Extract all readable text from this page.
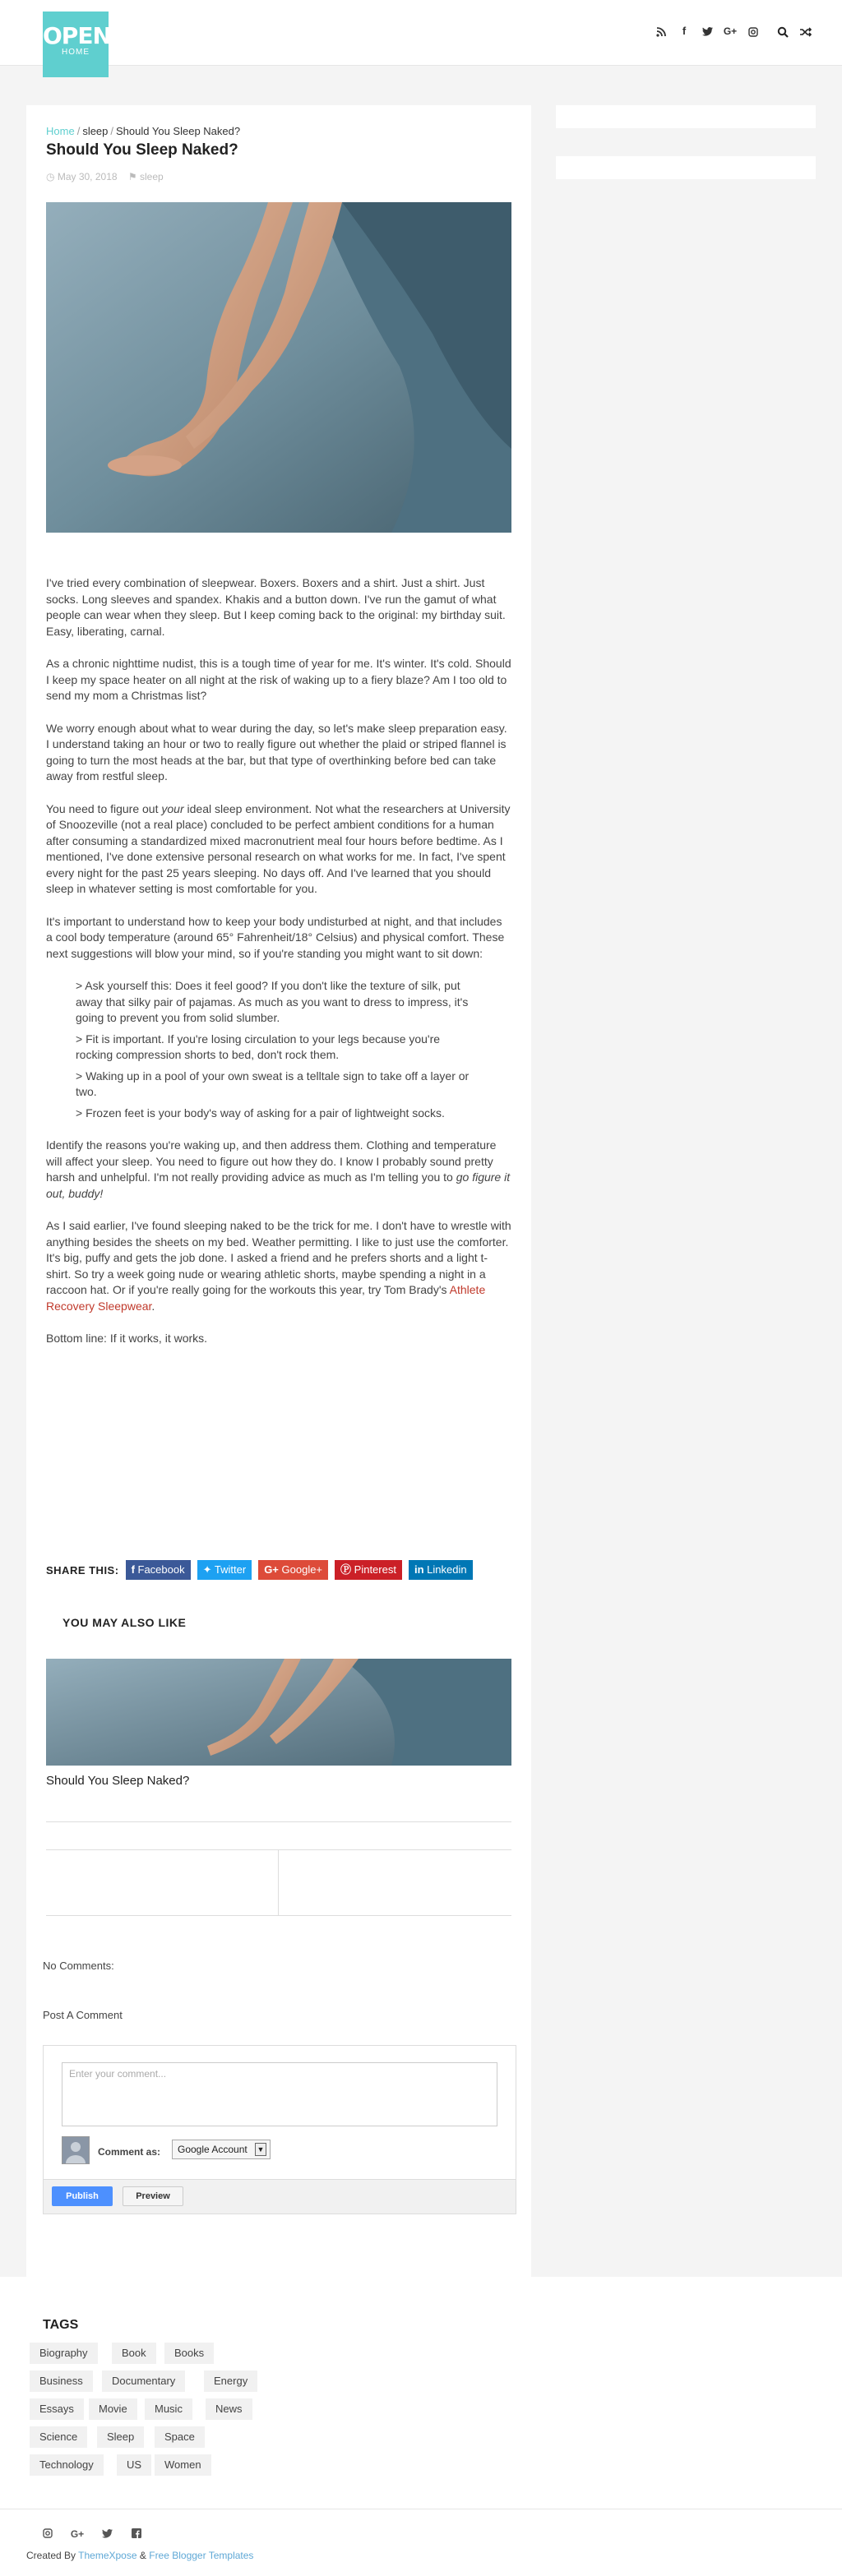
OPEN
HOME
f	G+
Home / sleep / Should You Sleep Naked?
Should You Sleep Naked?
◷ May 30, 2018 ⚑ sleep

I've tried every combination of sleepwear. Boxers. Boxers and a shirt. Just a shirt. Just socks. Long sleeves and spandex. Khakis and a button down. I've run the gamut of what people can wear when they sleep. But I keep coming back to the original: my birthday suit. Easy, liberating, carnal.

As a chronic nighttime nudist, this is a tough time of year for me. It's winter. It's cold. Should I keep my space heater on all night at the risk of waking up to a fiery blaze? Am I too old to send my mom a Christmas list?

We worry enough about what to wear during the day, so let's make sleep preparation easy. I understand taking an hour or two to really figure out whether the plaid or striped flannel is going to turn the most heads at the bar, but that type of overthinking before bed can take away from restful sleep.

You need to figure out your ideal sleep environment. Not what the researchers at University of Snoozeville (not a real place) concluded to be perfect ambient conditions for a human after consuming a standardized mixed macronutrient meal four hours before bedtime. As I mentioned, I've done extensive personal research on what works for me. In fact, I've spent every night for the past 25 years sleeping. No days off. And I've learned that you should sleep in whatever setting is most comfortable for you.

It's important to understand how to keep your body undisturbed at night, and that includes a cool body temperature (around 65° Fahrenheit/18° Celsius) and physical comfort. These next suggestions will blow your mind, so if you're standing you might want to sit down:

> Ask yourself this: Does it feel good? If you don't like the texture of silk, put away that silky pair of pajamas. As much as you want to dress to impress, it's going to prevent you from solid slumber.
> Fit is important. If you're losing circulation to your legs because you're rocking compression shorts to bed, don't rock them.
> Waking up in a pool of your own sweat is a telltale sign to take off a layer or two.
> Frozen feet is your body's way of asking for a pair of lightweight socks.

Identify the reasons you're waking up, and then address them. Clothing and temperature will affect your sleep. You need to figure out how they do. I know I probably sound pretty harsh and unhelpful. I'm not really providing advice as much as I'm telling you to go figure it out, buddy!

As I said earlier, I've found sleeping naked to be the trick for me. I don't have to wrestle with anything besides the sheets on my bed. Weather permitting. I like to just use the comforter. It's big, puffy and gets the job done. I asked a friend and he prefers shorts and a light t-shirt. So try a week going nude or wearing athletic shorts, maybe spending a night in a raccoon hat. Or if you're really going for the workouts this year, try Tom Brady's Athlete Recovery Sleepwear.

Bottom line: If it works, it works.

SHARE THIS:	f Facebook	✦ Twitter	G+ Google+	Ⓟ Pinterest	in Linkedin
YOU MAY ALSO LIKE
Should You Sleep Naked?
No Comments:
Post A Comment
Enter your comment...
Comment as:	Google Account ▼
Publish	Preview
TAGS
Biography	Book	Books
Business	Documentary	Energy
Essays	Movie	Music	News
Science	Sleep	Space
Technology	US	Women
G+
Created By ThemeXpose & Free Blogger Templates
